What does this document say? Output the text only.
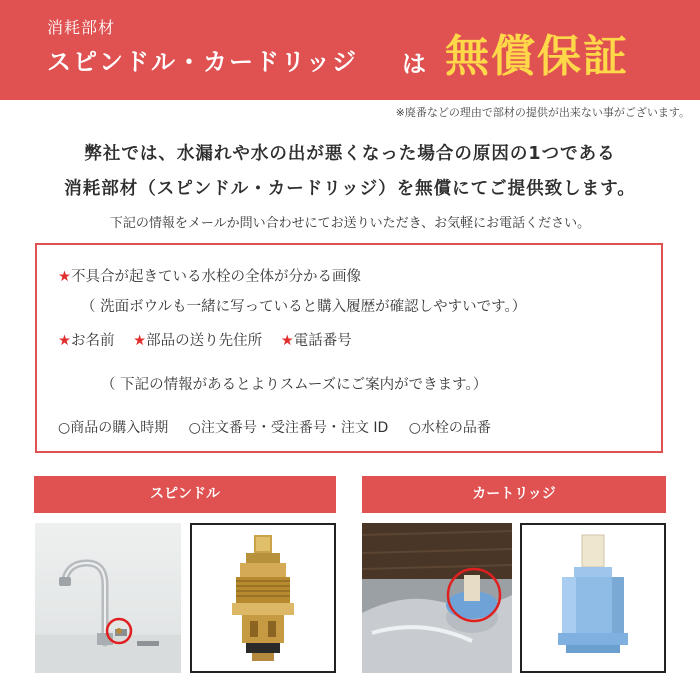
消耗部材
スピンドル・カードリッジ は 無償保証
※廃番などの理由で部材の提供が出来ない事がございます。
弊社では、水漏れや水の出が悪くなった場合の原因の1つである
消耗部材（スピンドル・カードリッジ）を無償にてご提供致します。
下記の情報をメールか問い合わせにてお送りいただき、お気軽にお電話ください。
★不具合が起きている水栓の全体が分かる画像
（ 洗面ボウルも一緒に写っていると購入履歴が確認しやすいです。）
★お名前 ★部品の送り先住所 ★電話番号
（ 下記の情報があるとよりスムーズにご案内ができます。）
○商品の購入時期 ○注文番号・受注番号・注文 ID ○水栓の品番
スピンドル	カートリッジ
